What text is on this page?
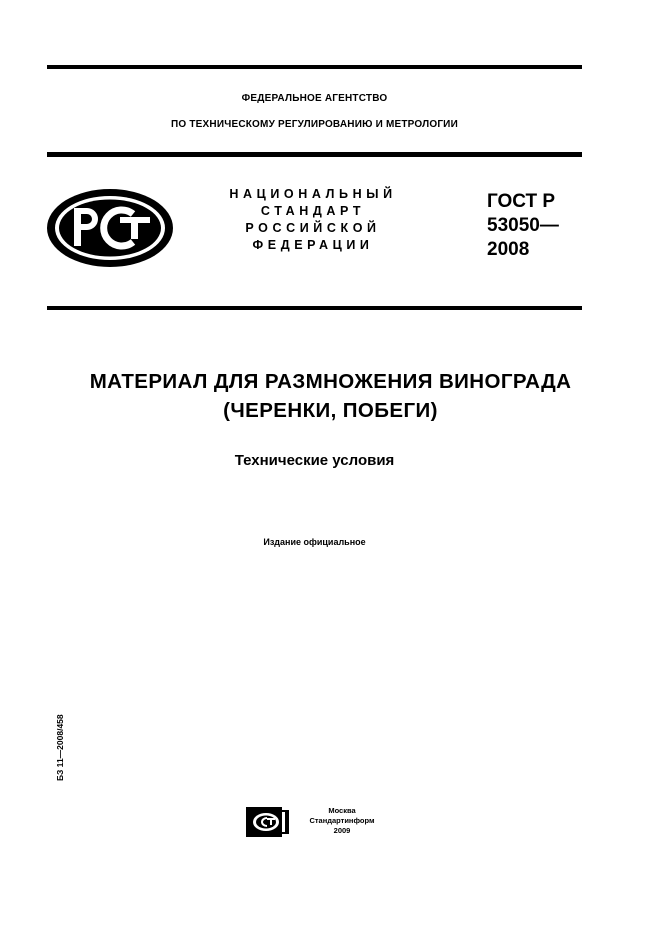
ФЕДЕРАЛЬНОЕ АГЕНТСТВО
ПО ТЕХНИЧЕСКОМУ РЕГУЛИРОВАНИЮ И МЕТРОЛОГИИ
НАЦИОНАЛЬНЫЙ
СТАНДАРТ
РОССИЙСКОЙ
ФЕДЕРАЦИИ
ГОСТ Р
53050—
2008
МАТЕРИАЛ ДЛЯ РАЗМНОЖЕНИЯ ВИНОГРАДА
(ЧЕРЕНКИ, ПОБЕГИ)
Технические условия
Издание официальное
БЗ 11—2008/458
Москва
Стандартинформ
2009
